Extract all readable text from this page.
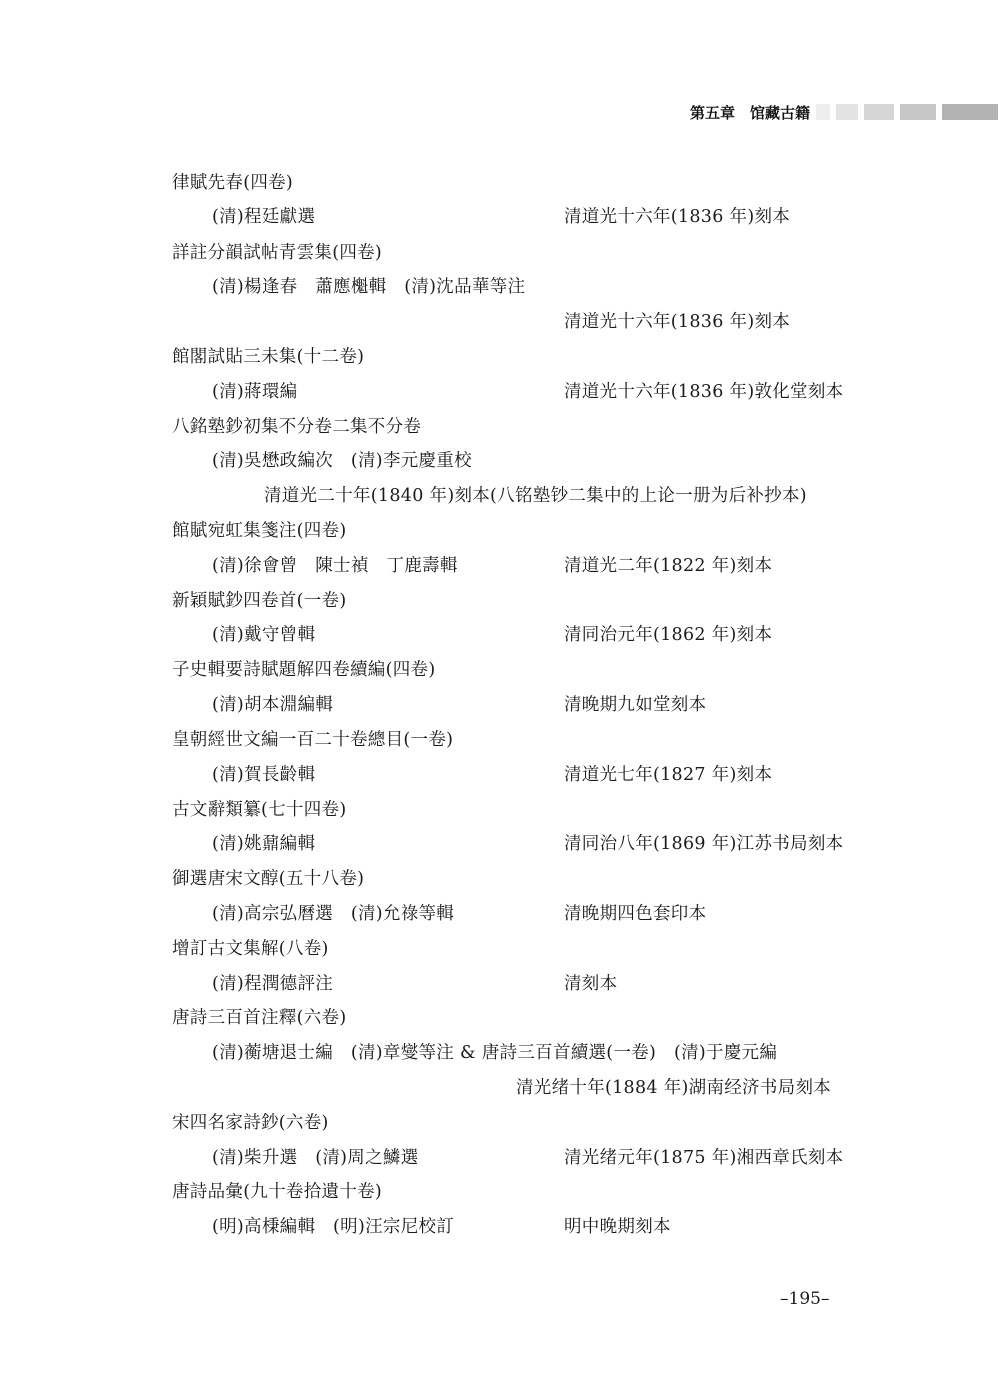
第五章　馆藏古籍
律賦先春(四卷)
(清)程廷獻選	清道光十六年(1836 年)刻本
詳註分韻試帖青雲集(四卷)
(清)楊逢春　蕭應櫆輯　(清)沈品華等注
清道光十六年(1836 年)刻本
館閣試貼三未集(十二卷)
(清)蔣環編	清道光十六年(1836 年)敦化堂刻本
八銘塾鈔初集不分卷二集不分卷
(清)吳懋政編次　(清)李元慶重校
清道光二十年(1840 年)刻本(八铭塾钞二集中的上论一册为后补抄本)
館賦宛虹集箋注(四卷)
(清)徐會曾　陳士禎　丁鹿壽輯	清道光二年(1822 年)刻本
新穎賦鈔四卷首(一卷)
(清)戴守曾輯	清同治元年(1862 年)刻本
子史輯要詩賦題解四卷續編(四卷)
(清)胡本淵編輯	清晚期九如堂刻本
皇朝經世文編一百二十卷總目(一卷)
(清)賀長齡輯	清道光七年(1827 年)刻本
古文辭類纂(七十四卷)
(清)姚鼐編輯	清同治八年(1869 年)江苏书局刻本
御選唐宋文醇(五十八卷)
(清)高宗弘曆選　(清)允祿等輯	清晚期四色套印本
增訂古文集解(八卷)
(清)程潤德評注	清刻本
唐詩三百首注釋(六卷)
(清)蘅塘退士編　(清)章燮等注 & 唐詩三百首續選(一卷)　(清)于慶元編
清光绪十年(1884 年)湖南经济书局刻本
宋四名家詩鈔(六卷)
(清)柴升選　(清)周之鱗選	清光绪元年(1875 年)湘西章氏刻本
唐詩品彙(九十卷拾遺十卷)
(明)高棅編輯　(明)汪宗尼校訂	明中晚期刻本
–195–
